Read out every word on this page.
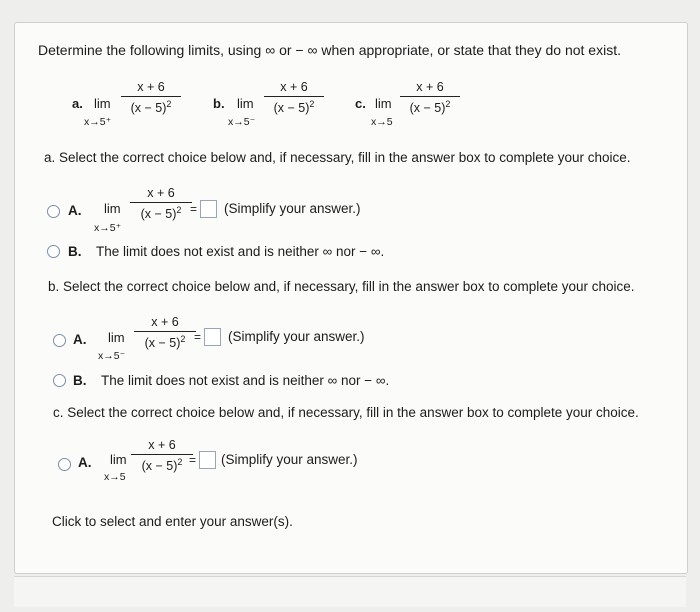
Determine the following limits, using ∞ or − ∞ when appropriate, or state that they do not exist.
a. lim
x→5⁺
x + 6
$(x - 5)^2$	b. lim
x→5⁻
x + 6
$(x - 5)^2$	c. lim
x→5
x + 6
$(x - 5)^2$
a. Select the correct choice below and, if necessary, fill in the answer box to complete your choice.
A. lim
x→5⁺
x + 6
$(x - 5)^2$ = (Simplify your answer.)
B. The limit does not exist and is neither ∞ nor − ∞.
b. Select the correct choice below and, if necessary, fill in the answer box to complete your choice.
A. lim
x→5⁻
x + 6
$(x - 5)^2$ = (Simplify your answer.)
B. The limit does not exist and is neither ∞ nor − ∞.
c. Select the correct choice below and, if necessary, fill in the answer box to complete your choice.
A. lim
x→5
x + 6
$(x - 5)^2$ = (Simplify your answer.)
Click to select and enter your answer(s).
